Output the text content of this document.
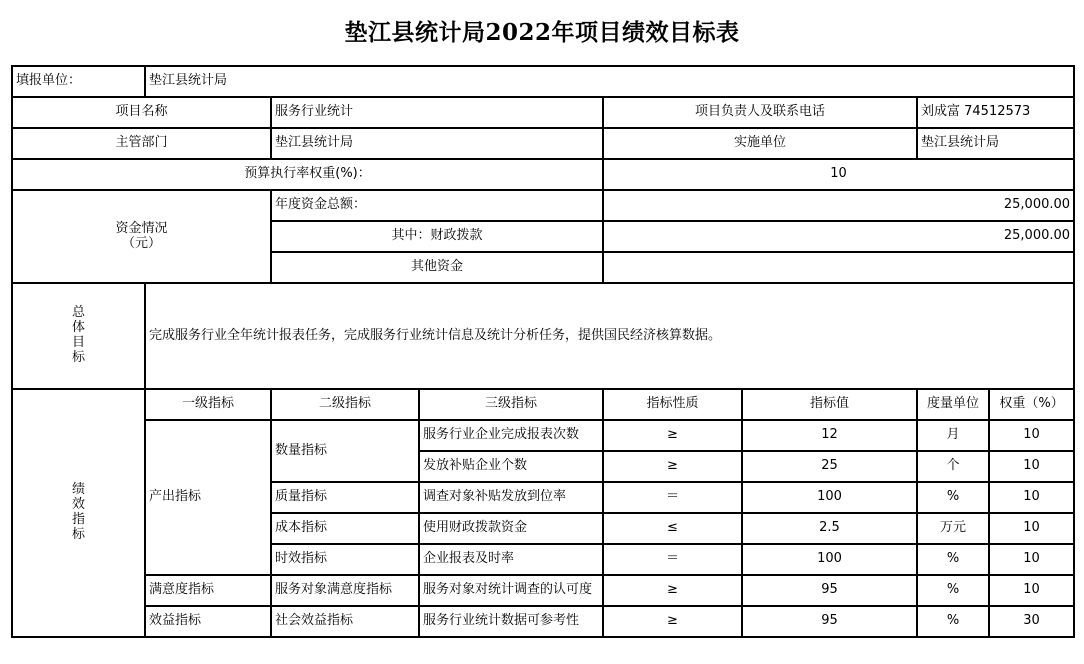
垫江县统计局2022年项目绩效目标表
填报单位：	垫江县统计局						
项目名称		服务行业统计		项目负责人及联系电话		刘成富 74512573	
主管部门		垫江县统计局		实施单位		垫江县统计局	
预算执行率权重(%)：				10			

资金情况
（元）		年度资金总额：		25,000.00			
		其中：财政拨款		25,000.00			
		其他资金					

总
体
目
标	完成服务行业全年统计报表任务，完成服务行业统计信息及统计分析任务，提供国民经济核算数据。						

绩
效
指
标	一级指标	二级指标	三级指标	指标性质	指标值	度量单位	权重（%）
	产出指标	数量指标	服务行业企业完成报表次数	≥	12	月	10
			发放补贴企业个数	≥	25	个	10
		质量指标	调查对象补贴发放到位率	＝	100	%	10
		成本指标	使用财政拨款资金	≤	2.5	万元	10
		时效指标	企业报表及时率	＝	100	%	10
	满意度指标	服务对象满意度指标	服务对象对统计调查的认可度	≥	95	%	10
	效益指标	社会效益指标	服务行业统计数据可参考性	≥	95	%	30
